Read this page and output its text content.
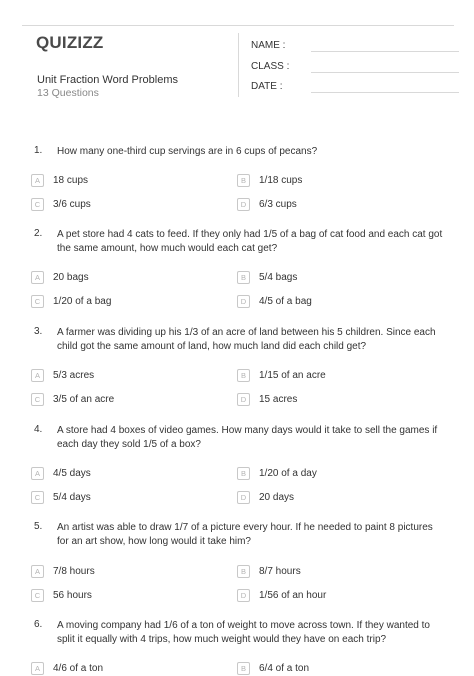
QUIZIZZ
Unit Fraction Word Problems
13 Questions
NAME :
CLASS :
DATE :
1. How many one-third cup servings are in 6 cups of pecans?
A	18 cups	B	1/18 cups
C	3/6 cups	D	6/3 cups
2. A pet store had 4 cats to feed. If they only had 1/5 of a bag of cat food and each cat got the same amount, how much would each cat get?
A	20 bags	B	5/4 bags
C	1/20 of a bag	D	4/5 of a bag
3. A farmer was dividing up his 1/3 of an acre of land between his 5 children. Since each child got the same amount of land, how much land did each child get?
A	5/3 acres	B	1/15 of an acre
C	3/5 of an acre	D	15 acres
4. A store had 4 boxes of video games. How many days would it take to sell the games if each day they sold 1/5 of a box?
A	4/5 days	B	1/20 of a day
C	5/4 days	D	20 days
5. An artist was able to draw 1/7 of a picture every hour. If he needed to paint 8 pictures for an art show, how long would it take him?
A	7/8 hours	B	8/7 hours
C	56 hours	D	1/56 of an hour
6. A moving company had 1/6 of a ton of weight to move across town. If they wanted to split it equally with 4 trips, how much weight would they have on each trip?
A	4/6 of a ton	B	6/4 of a ton
